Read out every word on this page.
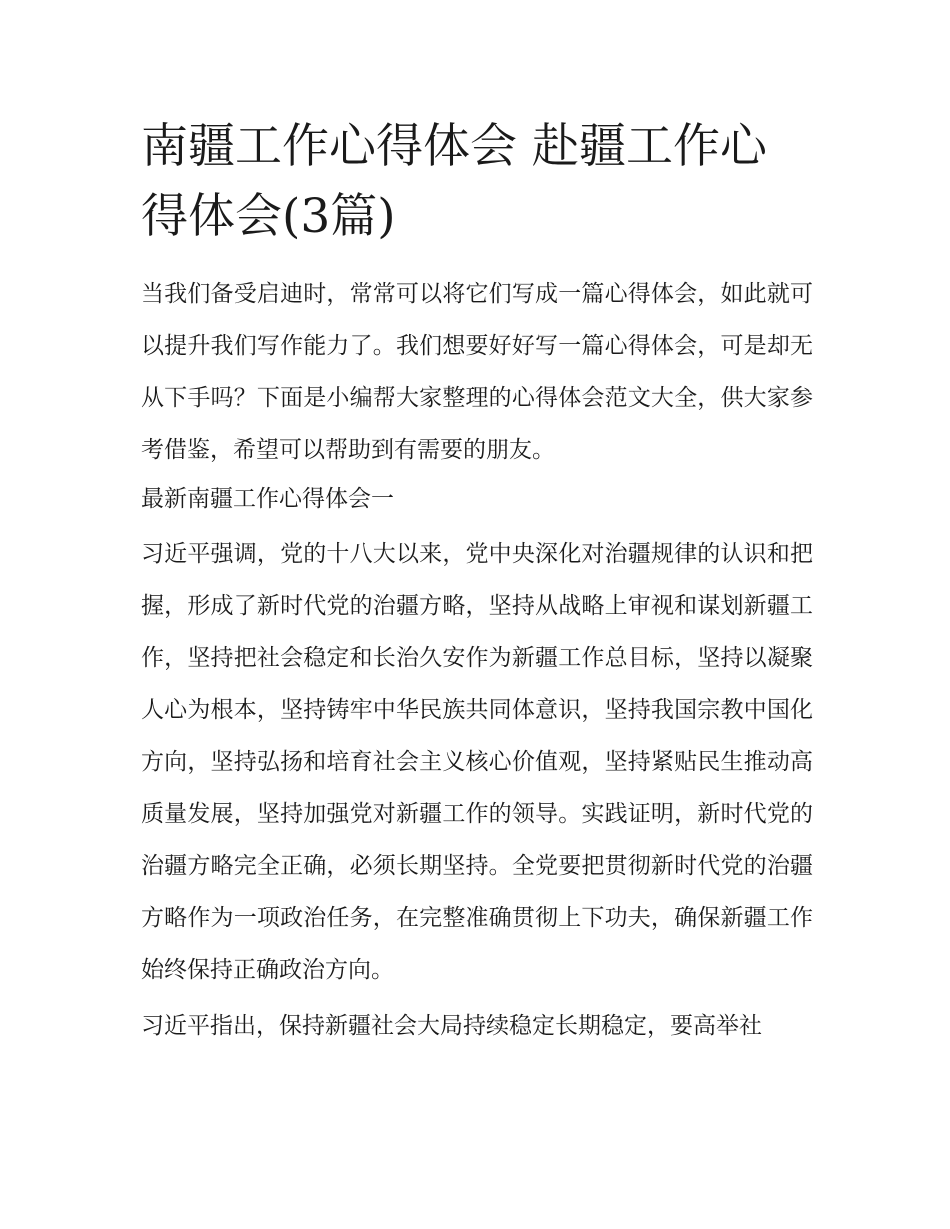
南疆工作心得体会 赴疆工作心得体会(3篇)

当我们备受启迪时，常常可以将它们写成一篇心得体会，如此就可以提升我们写作能力了。我们想要好好写一篇心得体会，可是却无从下手吗？下面是小编帮大家整理的心得体会范文大全，供大家参考借鉴，希望可以帮助到有需要的朋友。

最新南疆工作心得体会一

习近平强调，党的十八大以来，党中央深化对治疆规律的认识和把握，形成了新时代党的治疆方略，坚持从战略上审视和谋划新疆工作，坚持把社会稳定和长治久安作为新疆工作总目标，坚持以凝聚人心为根本，坚持铸牢中华民族共同体意识，坚持我国宗教中国化方向，坚持弘扬和培育社会主义核心价值观，坚持紧贴民生推动高质量发展，坚持加强党对新疆工作的领导。实践证明，新时代党的治疆方略完全正确，必须长期坚持。全党要把贯彻新时代党的治疆方略作为一项政治任务，在完整准确贯彻上下功夫，确保新疆工作始终保持正确政治方向。

习近平指出，保持新疆社会大局持续稳定长期稳定，要高举社
